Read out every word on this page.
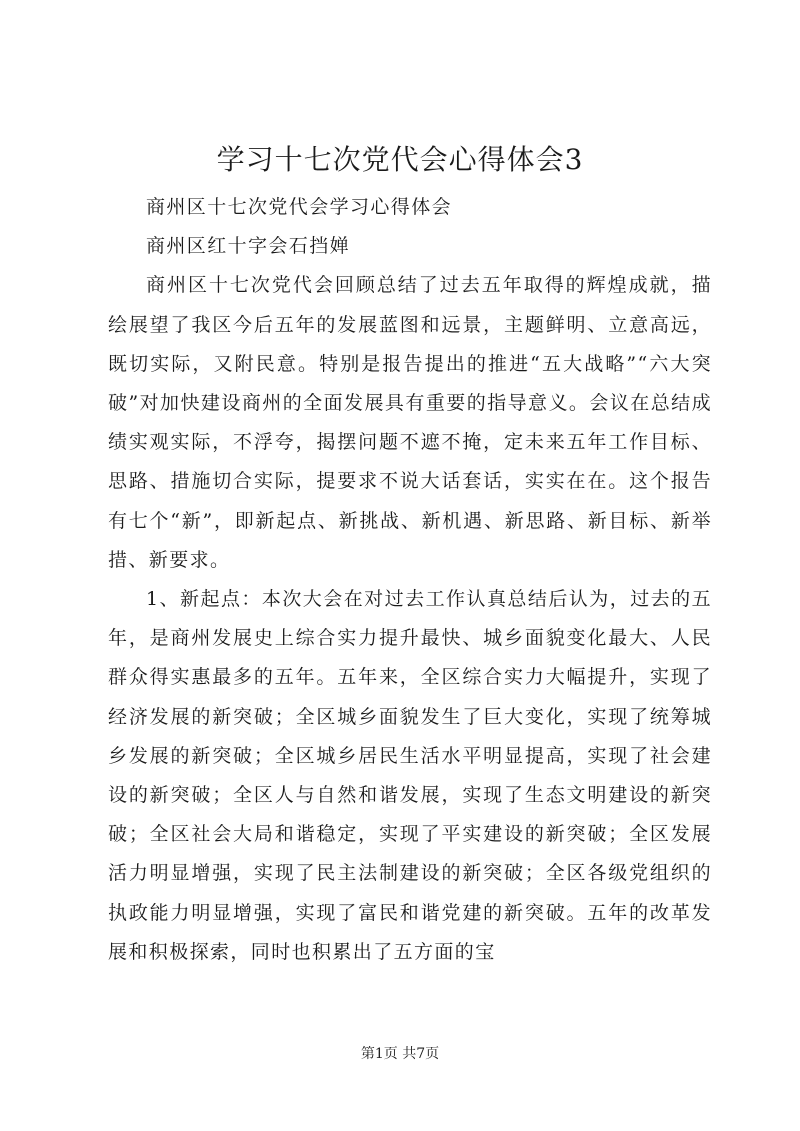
学习十七次党代会心得体会3

商州区十七次党代会学习心得体会

商州区红十字会石挡婵

商州区十七次党代会回顾总结了过去五年取得的辉煌成就，描绘展望了我区今后五年的发展蓝图和远景，主题鲜明、立意高远，既切实际，又附民意。特别是报告提出的推进“五大战略”“六大突破”对加快建设商州的全面发展具有重要的指导意义。会议在总结成绩实观实际，不浮夸，揭摆问题不遮不掩，定未来五年工作目标、思路、措施切合实际，提要求不说大话套话，实实在在。这个报告有七个“新”，即新起点、新挑战、新机遇、新思路、新目标、新举措、新要求。

1、新起点：本次大会在对过去工作认真总结后认为，过去的五年，是商州发展史上综合实力提升最快、城乡面貌变化最大、人民群众得实惠最多的五年。五年来，全区综合实力大幅提升，实现了经济发展的新突破；全区城乡面貌发生了巨大变化，实现了统筹城乡发展的新突破；全区城乡居民生活水平明显提高，实现了社会建设的新突破；全区人与自然和谐发展，实现了生态文明建设的新突破；全区社会大局和谐稳定，实现了平实建设的新突破；全区发展活力明显增强，实现了民主法制建设的新突破；全区各级党组织的执政能力明显增强，实现了富民和谐党建的新突破。五年的改革发展和积极探索，同时也积累出了五方面的宝

第1页 共7页
